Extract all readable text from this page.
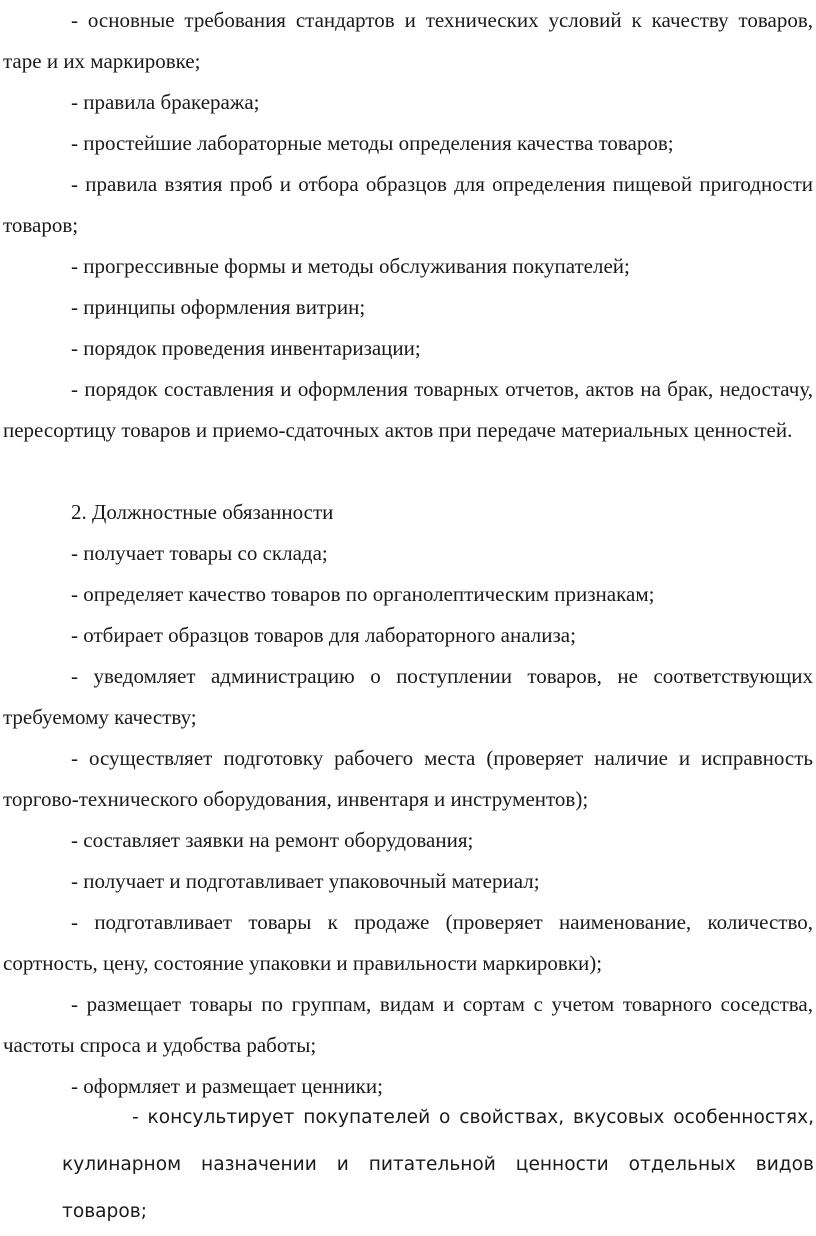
- основные требования стандартов и технических условий к качеству товаров, таре и их маркировке;

- правила бракеража;

- простейшие лабораторные методы определения качества товаров;

- правила взятия проб и отбора образцов для определения пищевой пригодности товаров;

- прогрессивные формы и методы обслуживания покупателей;

- принципы оформления витрин;

- порядок проведения инвентаризации;

- порядок составления и оформления товарных отчетов, актов на брак, недостачу, пересортицу товаров и приемо-сдаточных актов при передаче материальных ценностей.

2. Должностные обязанности

- получает товары со склада;

- определяет качество товаров по органолептическим признакам;

- отбирает образцов товаров для лабораторного анализа;

- уведомляет администрацию о поступлении товаров, не соответствующих требуемому качеству;

- осуществляет подготовку рабочего места (проверяет наличие и исправность торгово-технического оборудования, инвентаря и инструментов);

- составляет заявки на ремонт оборудования;

- получает и подготавливает упаковочный материал;

- подготавливает товары к продаже (проверяет наименование, количество, сортность, цену, состояние упаковки и правильности маркировки);

- размещает товары по группам, видам и сортам с учетом товарного соседства, частоты спроса и удобства работы;

- оформляет и размещает ценники;

- консультирует покупателей о свойствах, вкусовых особенностях, кулинарном назначении и питательной ценности отдельных видов товаров;
